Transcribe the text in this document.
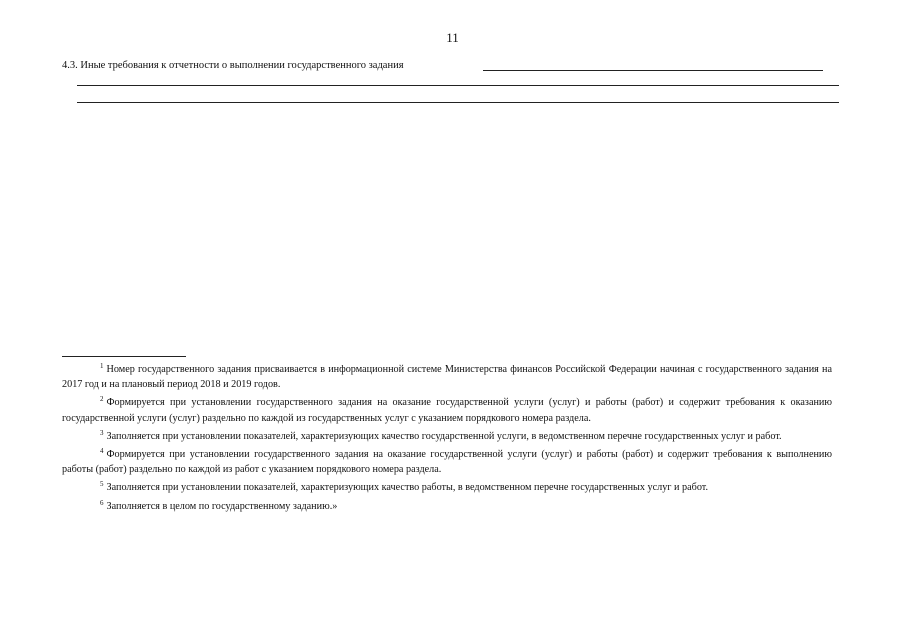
11
4.3. Иные требования к отчетности о выполнении государственного задания

$^1$ Номер государственного задания присваивается в информационной системе Министерства финансов Российской Федерации начиная с государственного задания на 2017 год и на плановый период 2018 и 2019 годов.

$^2$ Формируется при установлении государственного задания на оказание государственной услуги (услуг) и работы (работ) и содержит требования к оказанию государственной услуги (услуг) раздельно по каждой из государственных услуг с указанием порядкового номера раздела.

$^3$ Заполняется при установлении показателей, характеризующих качество государственной услуги, в ведомственном перечне государственных услуг и работ.

$^4$ Формируется при установлении государственного задания на оказание государственной услуги (услуг) и работы (работ) и содержит требования к выполнению работы (работ) раздельно по каждой из работ с указанием порядкового номера раздела.

$^5$ Заполняется при установлении показателей, характеризующих качество работы, в ведомственном перечне государственных услуг и работ.

$^6$ Заполняется в целом по государственному заданию.»
